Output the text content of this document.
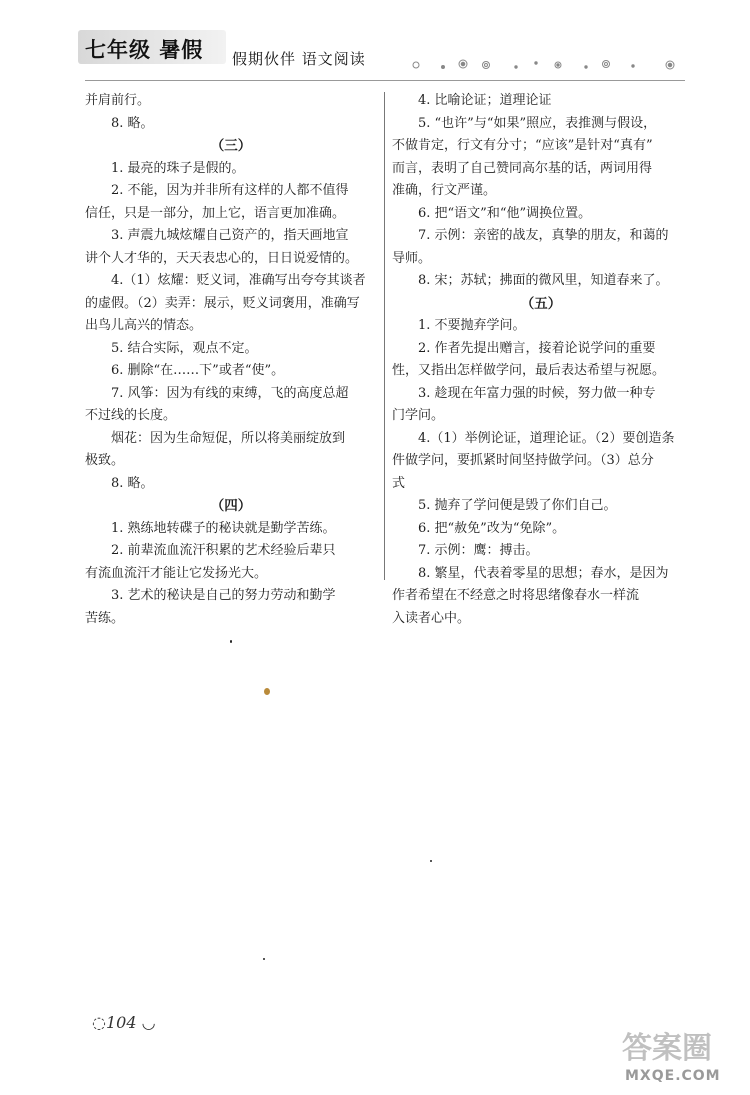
七年级 暑假 假期伙伴 语文阅读
并肩前行。
8. 略。
（三）
1. 最亮的珠子是假的。
2. 不能，因为并非所有这样的人都不值得
信任，只是一部分，加上它，语言更加准确。
3. 声震九城炫耀自己资产的，指天画地宣
讲个人才华的，天天表忠心的，日日说爱情的。
4.（1）炫耀：贬义词，准确写出夸夸其谈者
的虚假。（2）卖弄：展示，贬义词褒用，准确写
出鸟儿高兴的情态。
5. 结合实际，观点不定。
6. 删除“在……下”或者“使”。
7. 风筝：因为有线的束缚，飞的高度总超
不过线的长度。
烟花：因为生命短促，所以将美丽绽放到
极致。
8. 略。
（四）
1. 熟练地转碟子的秘诀就是勤学苦练。
2. 前辈流血流汗积累的艺术经验后辈只
有流血流汗才能让它发扬光大。
3. 艺术的秘诀是自己的努力劳动和勤学
苦练。
4. 比喻论证；道理论证
5. “也许”与“如果”照应，表推测与假设，
不做肯定，行文有分寸；“应该”是针对“真有”
而言，表明了自己赞同高尔基的话，两词用得
准确，行文严谨。
6. 把“语文”和“他”调换位置。
7. 示例：亲密的战友，真挚的朋友，和蔼的
导师。
8. 宋；苏轼；拂面的微风里，知道春来了。
（五）
1. 不要抛弃学问。
2. 作者先提出赠言，接着论说学问的重要
性，又指出怎样做学问，最后表达希望与祝愿。
3. 趁现在年富力强的时候，努力做一种专
门学问。
4.（1）举例论证，道理论证。（2）要创造条
件做学问，要抓紧时间坚持做学问。（3）总分
式
5. 抛弃了学问便是毁了你们自己。
6. 把“赦免”改为“免除”。
7. 示例：鹰：搏击。
8. 繁星，代表着零星的思想；春水，是因为
作者希望在不经意之时将思绪像春水一样流
入读者心中。
◌104 ◡
答案圈
MXQE.COM
